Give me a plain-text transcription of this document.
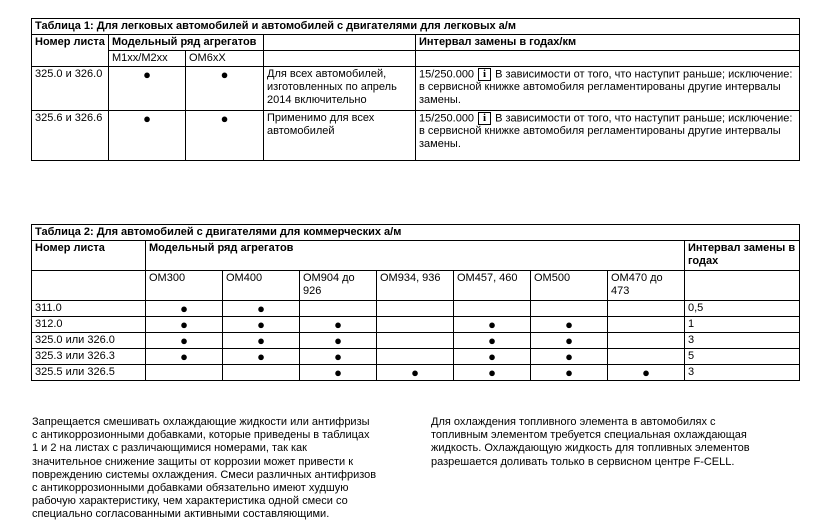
Таблица 1: Для легковых автомобилей и автомобилей с двигателями для легковых а/м				
Номер листа	Модельный ряд агрегатов			Интервал замены в годах/км
	M1xx/M2xx	OM6xX		
325.0 и 326.0	●	●	Для всех автомобилей, изготовленных по апрель 2014 включительно	15/250.000 i В зависимости от того, что наступит раньше; исключение: в сервисной книжке автомобиля регламентированы другие интервалы замены.
325.6 и 326.6	●	●	Применимо для всех автомобилей	15/250.000 i В зависимости от того, что наступит раньше; исключение: в сервисной книжке автомобиля регламентированы другие интервалы замены.
Таблица 2: Для автомобилей с двигателями для коммерческих а/м								
Номер листа	Модельный ряд агрегатов							Интервал замены в годах
	OM300	OM400	OM904 до 926	OM934, 936	OM457, 460	OM500	OM470 до 473	
311.0	●	●						0,5
312.0	●	●	●		●	●		1
325.0 или 326.0	●	●	●		●	●		3
325.3 или 326.3	●	●	●		●	●		5
325.5 или 326.5			●	●	●	●	●	3
Запрещается смешивать охлаждающие жидкости или антифризы
с антикоррозионными добавками, которые приведены в таблицах
1 и 2 на листах с различающимися номерами, так как
значительное снижение защиты от коррозии может привести к
повреждению системы охлаждения. Смеси различных антифризов
с антикоррозионными добавками обязательно имеют худшую
рабочую характеристику, чем характеристика одной смеси со
специально согласованными активными составляющими.
Для охлаждения топливного элемента в автомобилях с
топливным элементом требуется специальная охлаждающая
жидкость. Охлаждающую жидкость для топливных элементов
разрешается доливать только в сервисном центре F-CELL.
